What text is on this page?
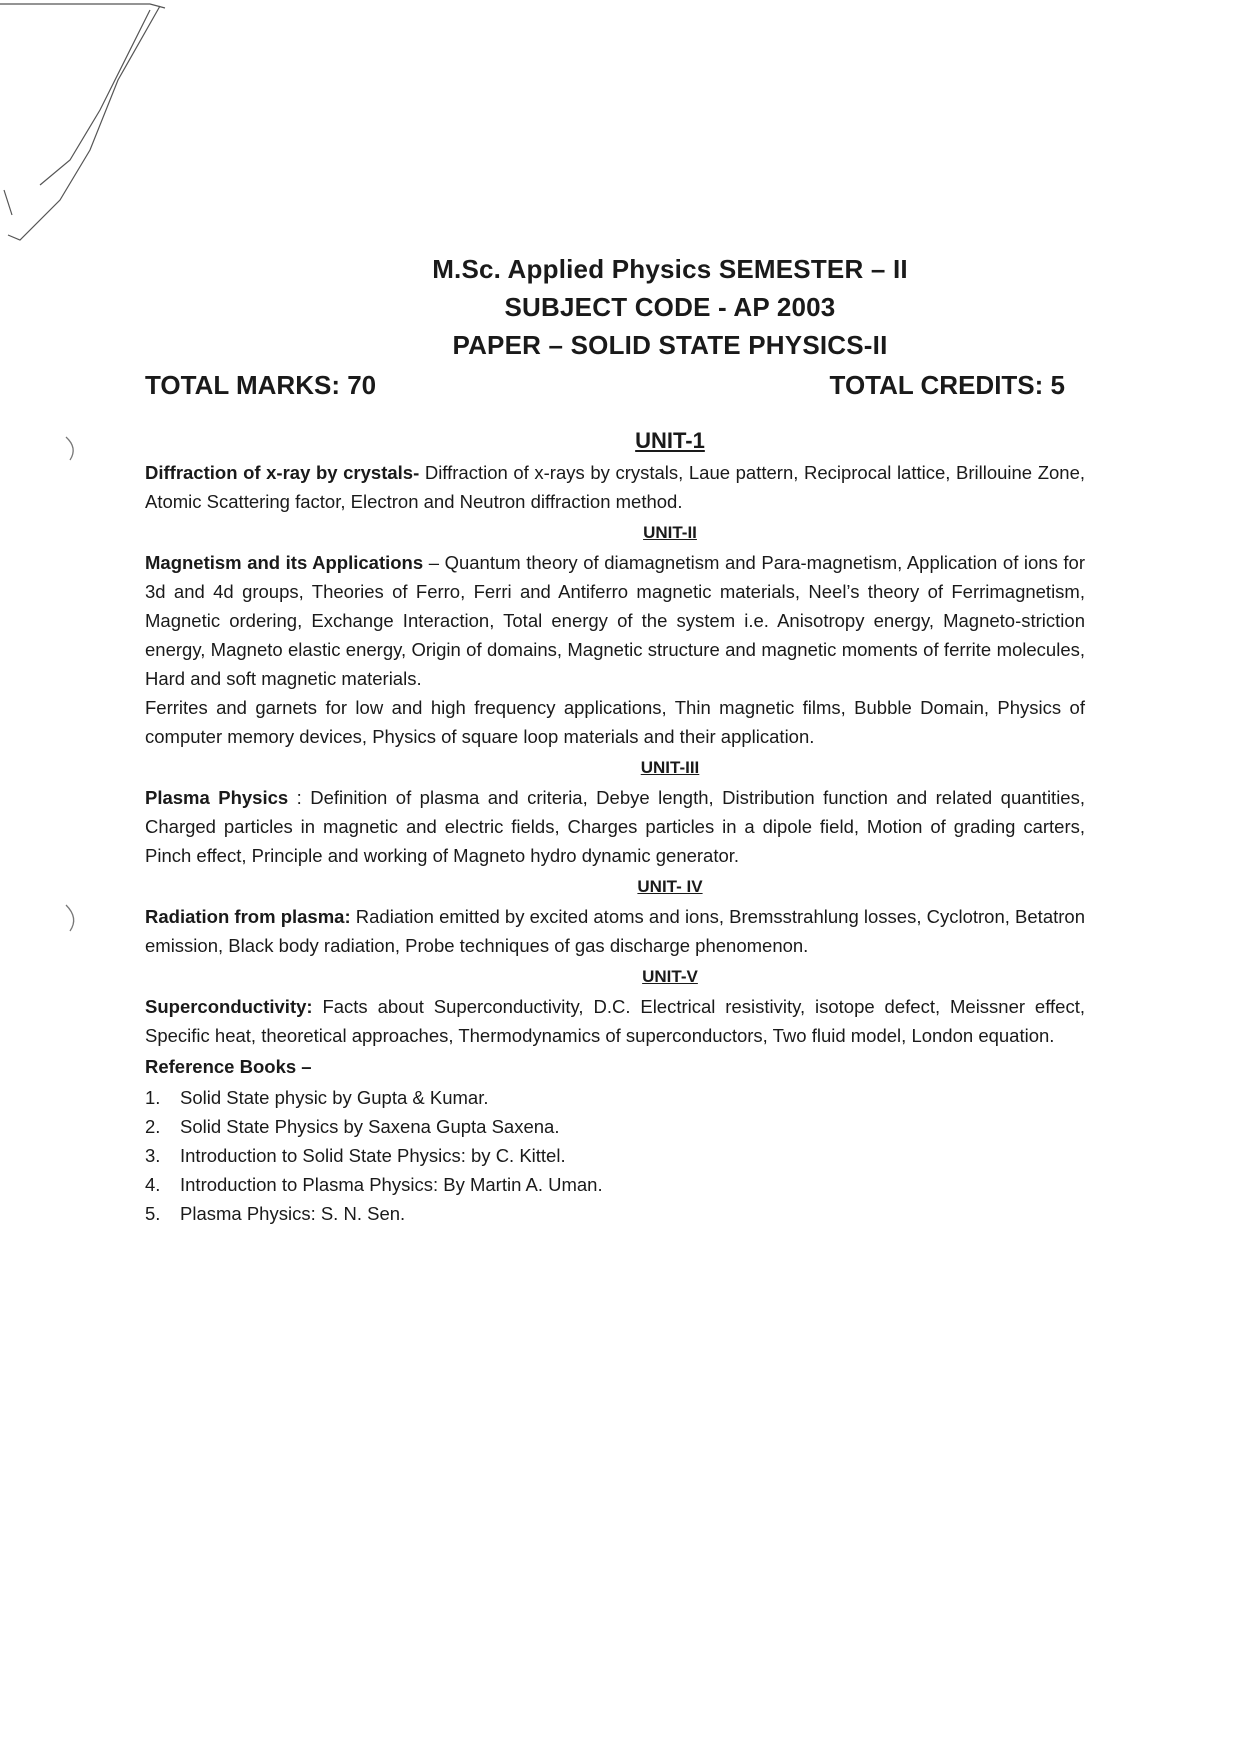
M.Sc. Applied Physics SEMESTER – II
SUBJECT CODE - AP 2003
PAPER – SOLID STATE PHYSICS-II
TOTAL MARKS: 70	TOTAL CREDITS: 5
UNIT-1

Diffraction of x-ray by crystals- Diffraction of x-rays by crystals, Laue pattern, Reciprocal lattice, Brillouine Zone, Atomic Scattering factor, Electron and Neutron diffraction method.

UNIT-II

Magnetism and its Applications – Quantum theory of diamagnetism and Para-magnetism, Application of ions for 3d and 4d groups, Theories of Ferro, Ferri and Antiferro magnetic materials, Neel’s theory of Ferrimagnetism, Magnetic ordering, Exchange Interaction, Total energy of the system i.e. Anisotropy energy, Magneto-striction energy, Magneto elastic energy, Origin of domains, Magnetic structure and magnetic moments of ferrite molecules, Hard and soft magnetic materials.

Ferrites and garnets for low and high frequency applications, Thin magnetic films, Bubble Domain, Physics of computer memory devices, Physics of square loop materials and their application.

UNIT-III

Plasma Physics : Definition of plasma and criteria, Debye length, Distribution function and related quantities, Charged particles in magnetic and electric fields, Charges particles in a dipole field, Motion of grading carters, Pinch effect, Principle and working of Magneto hydro dynamic generator.

UNIT- IV

Radiation from plasma: Radiation emitted by excited atoms and ions, Bremsstrahlung losses, Cyclotron, Betatron emission, Black body radiation, Probe techniques of gas discharge phenomenon.

UNIT-V

Superconductivity: Facts about Superconductivity, D.C. Electrical resistivity, isotope defect, Meissner effect, Specific heat, theoretical approaches, Thermodynamics of superconductors, Two fluid model, London equation.

Reference Books –
1.	Solid State physic by Gupta & Kumar.
2.	Solid State Physics by Saxena Gupta Saxena.
3.	Introduction to Solid State Physics: by C. Kittel.
4.	Introduction to Plasma Physics: By Martin A. Uman.
5.	Plasma Physics: S. N. Sen.
